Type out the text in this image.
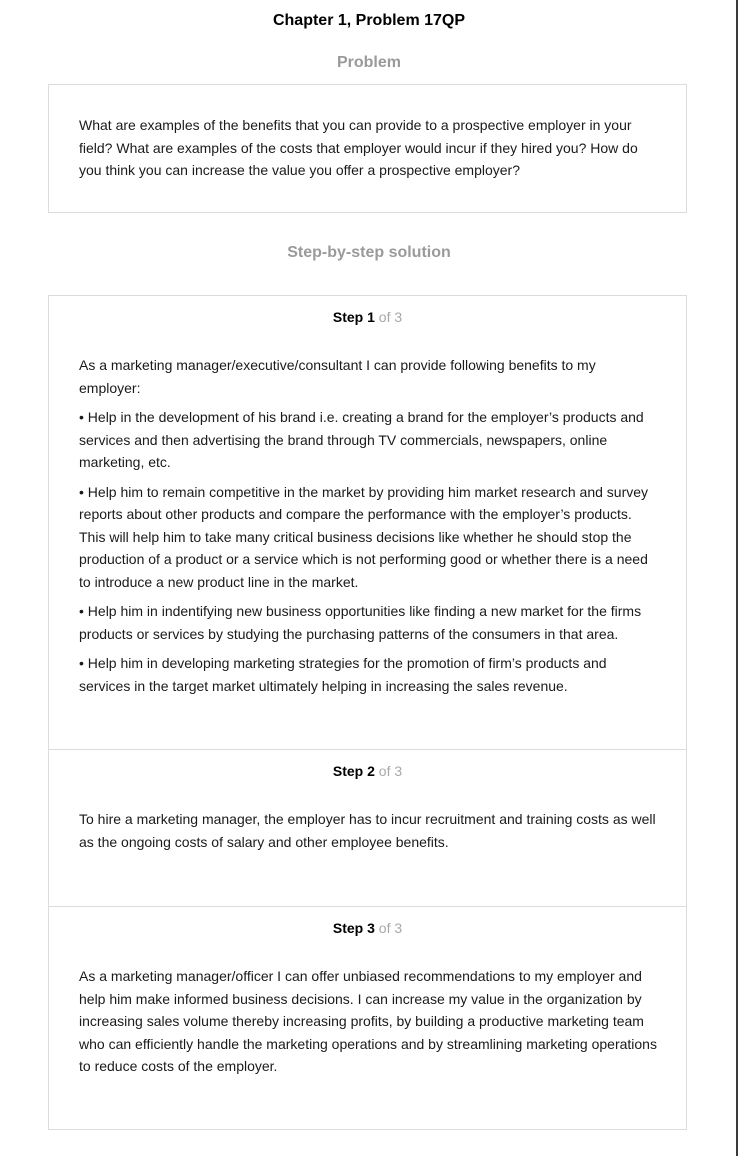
Chapter 1, Problem 17QP
Problem
What are examples of the benefits that you can provide to a prospective employer in your field? What are examples of the costs that employer would incur if they hired you? How do you think you can increase the value you offer a prospective employer?
Step-by-step solution
Step 1 of 3

As a marketing manager/executive/consultant I can provide following benefits to my employer:

• Help in the development of his brand i.e. creating a brand for the employer’s products and services and then advertising the brand through TV commercials, newspapers, online marketing, etc.

• Help him to remain competitive in the market by providing him market research and survey reports about other products and compare the performance with the employer’s products. This will help him to take many critical business decisions like whether he should stop the production of a product or a service which is not performing good or whether there is a need to introduce a new product line in the market.

• Help him in indentifying new business opportunities like finding a new market for the firms products or services by studying the purchasing patterns of the consumers in that area.

• Help him in developing marketing strategies for the promotion of firm’s products and services in the target market ultimately helping in increasing the sales revenue.

Step 2 of 3

To hire a marketing manager, the employer has to incur recruitment and training costs as well as the ongoing costs of salary and other employee benefits.

Step 3 of 3

As a marketing manager/officer I can offer unbiased recommendations to my employer and help him make informed business decisions. I can increase my value in the organization by increasing sales volume thereby increasing profits, by building a productive marketing team who can efficiently handle the marketing operations and by streamlining marketing operations to reduce costs of the employer.
